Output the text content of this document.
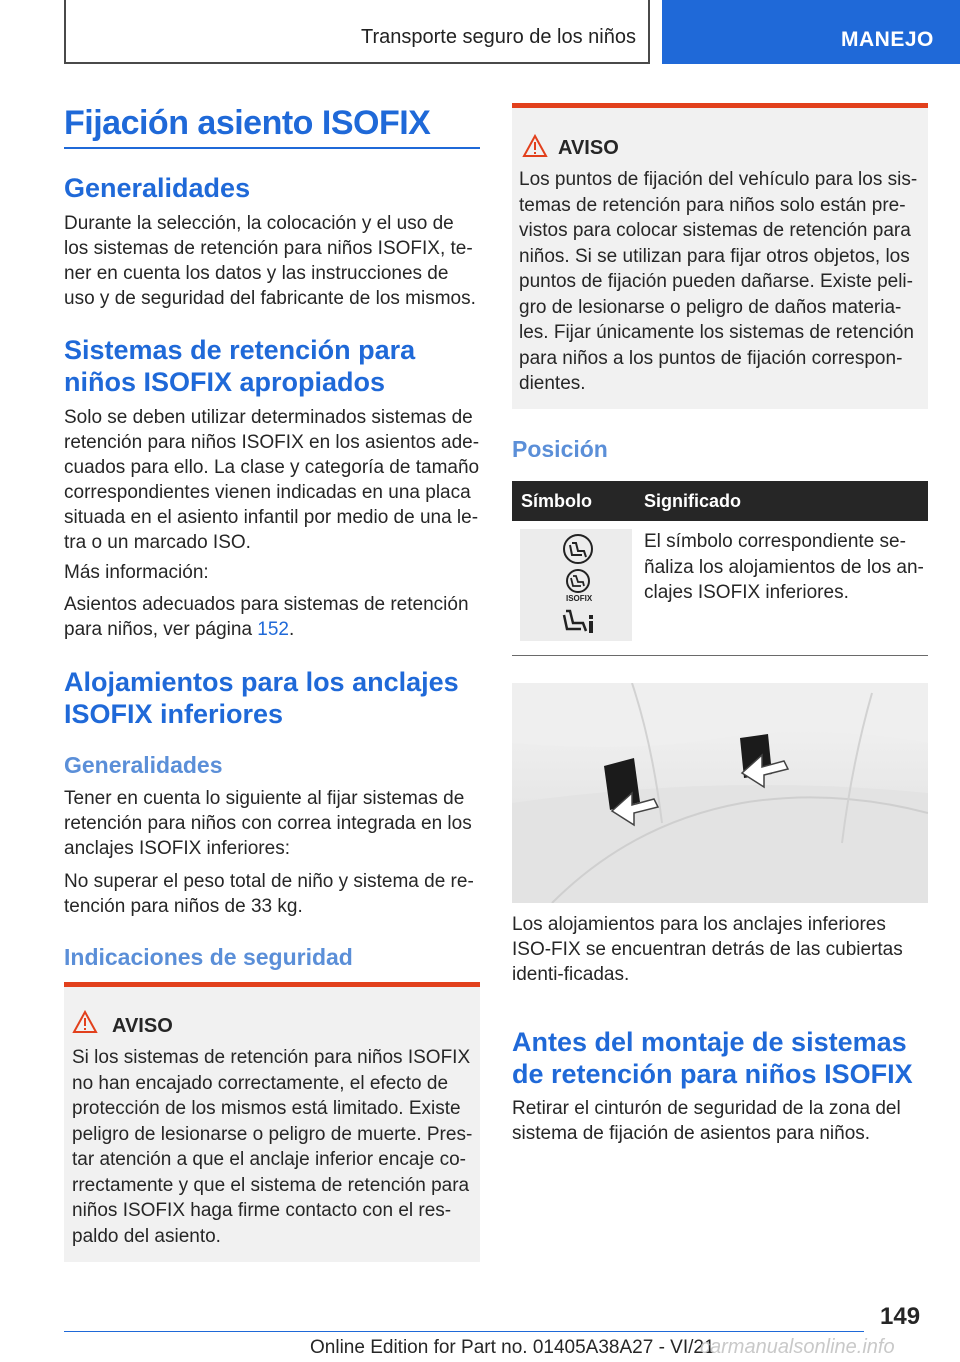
Transporte seguro de los niños	MANEJO
Fijación asiento ISOFIX
Generalidades

Durante la selección, la colocación y el uso de los sistemas de retención para niños ISOFIX, te-ner en cuenta los datos y las instrucciones de uso y de seguridad del fabricante de los mismos.

Sistemas de retención para niños ISOFIX apropiados

Solo se deben utilizar determinados sistemas de retención para niños ISOFIX en los asientos ade-cuados para ello. La clase y categoría de tamaño correspondientes vienen indicadas en una placa situada en el asiento infantil por medio de una le-tra o un marcado ISO.

Más información:

Asientos adecuados para sistemas de retención para niños, ver página 152.

Alojamientos para los anclajes ISOFIX inferiores
Generalidades

Tener en cuenta lo siguiente al fijar sistemas de retención para niños con correa integrada en los anclajes ISOFIX inferiores:

No superar el peso total de niño y sistema de re-tención para niños de 33 kg.

Indicaciones de seguridad
AVISO
Si los sistemas de retención para niños ISOFIX no han encajado correctamente, el efecto de protección de los mismos está limitado. Existe peligro de lesionarse o peligro de muerte. Pres-tar atención a que el anclaje inferior encaje co-rrectamente y que el sistema de retención para niños ISOFIX haga firme contacto con el res-paldo del asiento.
AVISO
Los puntos de fijación del vehículo para los sis-temas de retención para niños solo están pre-vistos para colocar sistemas de retención para niños. Si se utilizan para fijar otros objetos, los puntos de fijación pueden dañarse. Existe peli-gro de lesionarse o peligro de daños materia-les. Fijar únicamente los sistemas de retención para niños a los puntos de fijación correspon-dientes.
Posición
Símbolo	Significado
ISOFIX
El símbolo correspondiente se-ñaliza los alojamientos de los an-clajes ISOFIX inferiores.

Los alojamientos para los anclajes inferiores ISO-FIX se encuentran detrás de las cubiertas identi-ficadas.

Antes del montaje de sistemas de retención para niños ISOFIX

Retirar el cinturón de seguridad de la zona del sistema de fijación de asientos para niños.

149
Online Edition for Part no. 01405A38A27 - VI/21
carmanualsonline.info
